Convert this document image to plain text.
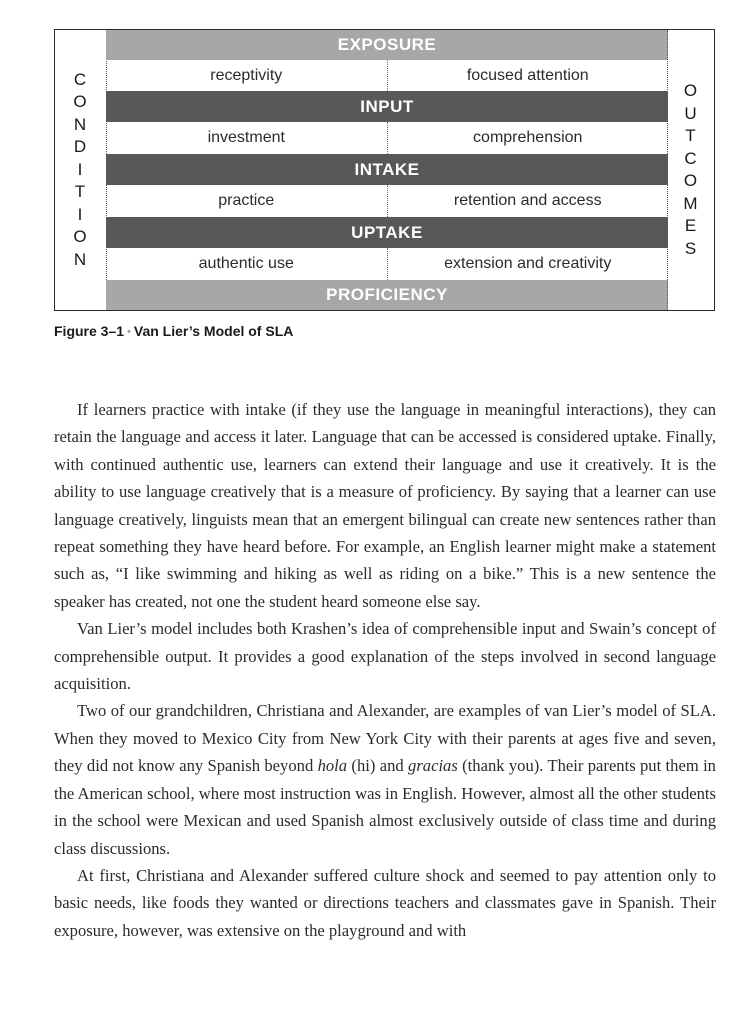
C
O
N
D
I
T
I
O
N
EXPOSURE
receptivity	focused attention
INPUT
investment	comprehension
INTAKE
practice	retention and access
UPTAKE
authentic use	extension and creativity
PROFICIENCY
O
U
T
C
O
M
E
S
Figure 3–1 • Van Lier’s Model of SLA

If learners practice with intake (if they use the language in meaningful interactions), they can retain the language and access it later. Language that can be accessed is considered uptake. Finally, with continued authentic use, learners can extend their language and use it creatively. It is the ability to use language creatively that is a measure of proficiency. By saying that a learner can use language creatively, linguists mean that an emergent bilingual can create new sentences rather than repeat something they have heard before. For example, an English learner might make a statement such as, “I like swimming and hiking as well as riding on a bike.” This is a new sentence the speaker has created, not one the student heard someone else say.

Van Lier’s model includes both Krashen’s idea of comprehensible input and Swain’s concept of comprehensible output. It provides a good explanation of the steps involved in second language acquisition.

Two of our grandchildren, Christiana and Alexander, are examples of van Lier’s model of SLA. When they moved to Mexico City from New York City with their parents at ages five and seven, they did not know any Spanish beyond hola (hi) and gracias (thank you). Their parents put them in the American school, where most instruction was in English. However, almost all the other students in the school were Mexican and used Spanish almost exclusively outside of class time and during class discussions.

At first, Christiana and Alexander suffered culture shock and seemed to pay attention only to basic needs, like foods they wanted or directions teachers and classmates gave in Spanish. Their exposure, however, was extensive on the playground and with
